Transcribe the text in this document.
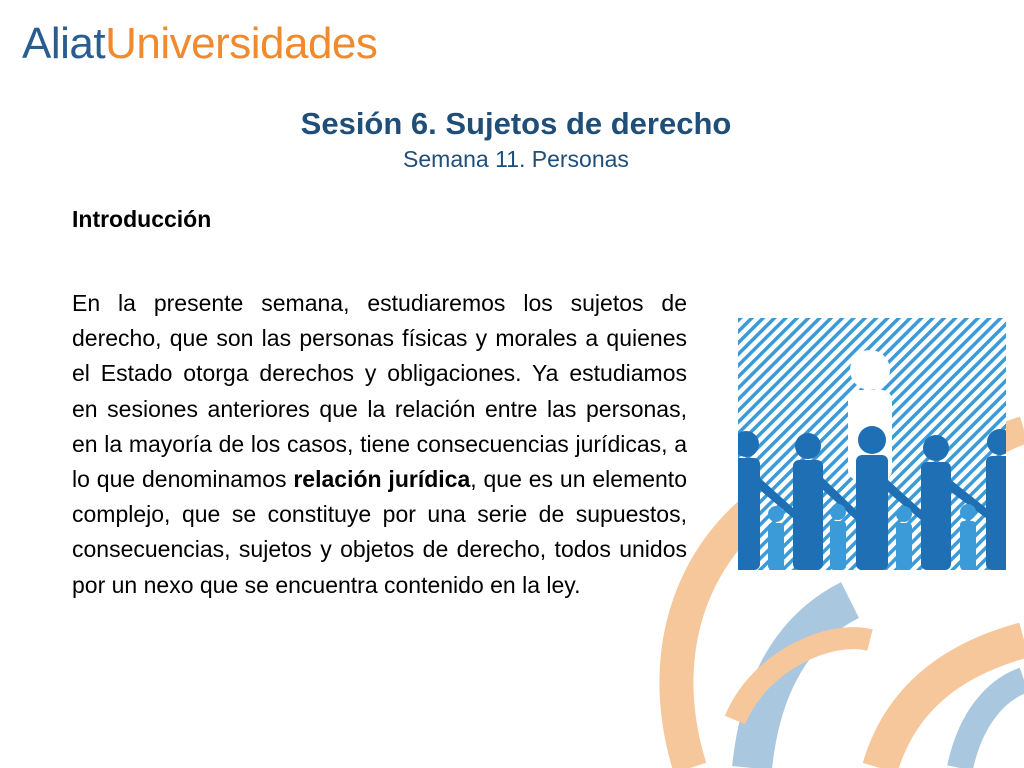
AliatUniversidades
Sesión 6. Sujetos de derecho
Semana 11. Personas
Introducción
En la presente semana, estudiaremos los sujetos de derecho, que son las personas físicas y morales a quienes el Estado otorga derechos y obligaciones. Ya estudiamos en sesiones anteriores que la relación entre las personas, en la mayoría de los casos, tiene consecuencias jurídicas, a lo que denominamos relación jurídica, que es un elemento complejo, que se constituye por una serie de supuestos, consecuencias, sujetos y objetos de derecho, todos unidos por un nexo que se encuentra contenido en la ley.
